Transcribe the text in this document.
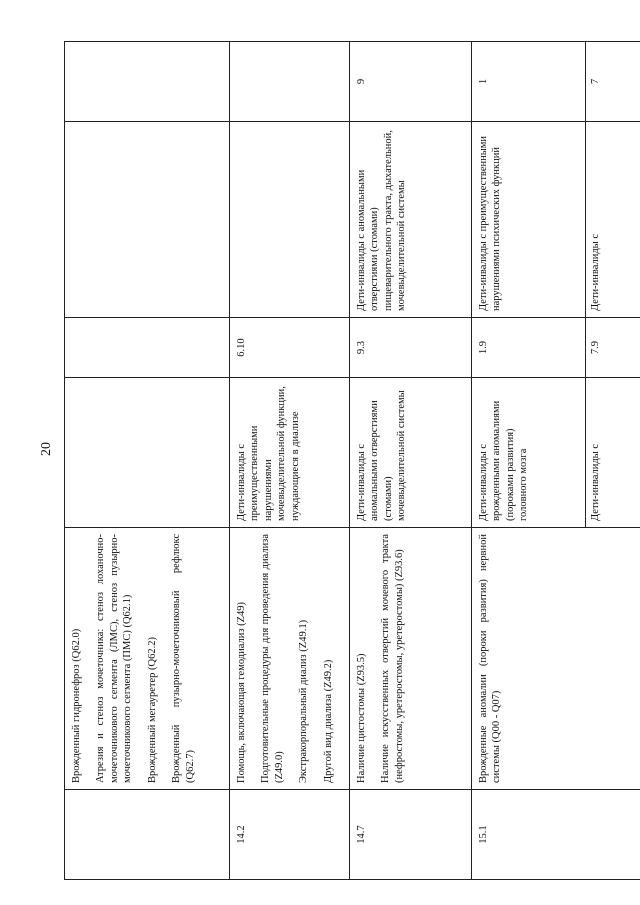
20

	Врожденный гидронефроз (Q62.0) Атрезия и стеноз мочеточника: стеноз лоханочно-мочеточникового сегмента (ЛМС), стеноз пузырно-мочеточникового сегмента (ПМС) (Q62.1) Врожденный мегауретер (Q62.2) Врожденный пузырно-мочеточниковый рефлюкс (Q62.7)				

14.2	Помощь, включающая гемодиализ (Z49) Подготовительные процедуры для проведения диализа (Z49.0) Экстракорпоральный диализ (Z49.1) Другой вид диализа (Z49.2)	Дети-инвалиды с преимущественными нарушениями мочевыделительной функции, нуждающиеся в диализе	6.10		
14.7	Наличие цистостомы (Z93.5) Наличие искусственных отверстий мочевого тракта (нефростомы, уретеростомы, уретеростомы) (Z93.6)	Дети-инвалиды с аномальными отверстиями (стомами) мочевыделительной системы	9.3	Дети-инвалиды с аномальными отверстиями (стомами) пищеварительного тракта, дыхательной, мочевыделительной системы	9
15.1	Врожденные аномалии (пороки развития) нервной системы (Q00 - Q07)	Дети-инвалиды с врожденными аномалиями (пороками развития) головного мозга	1.9	Дети-инвалиды с преимущественными нарушениями психических функций	1
		Дети-инвалиды с	7.9	Дети-инвалиды с	7
